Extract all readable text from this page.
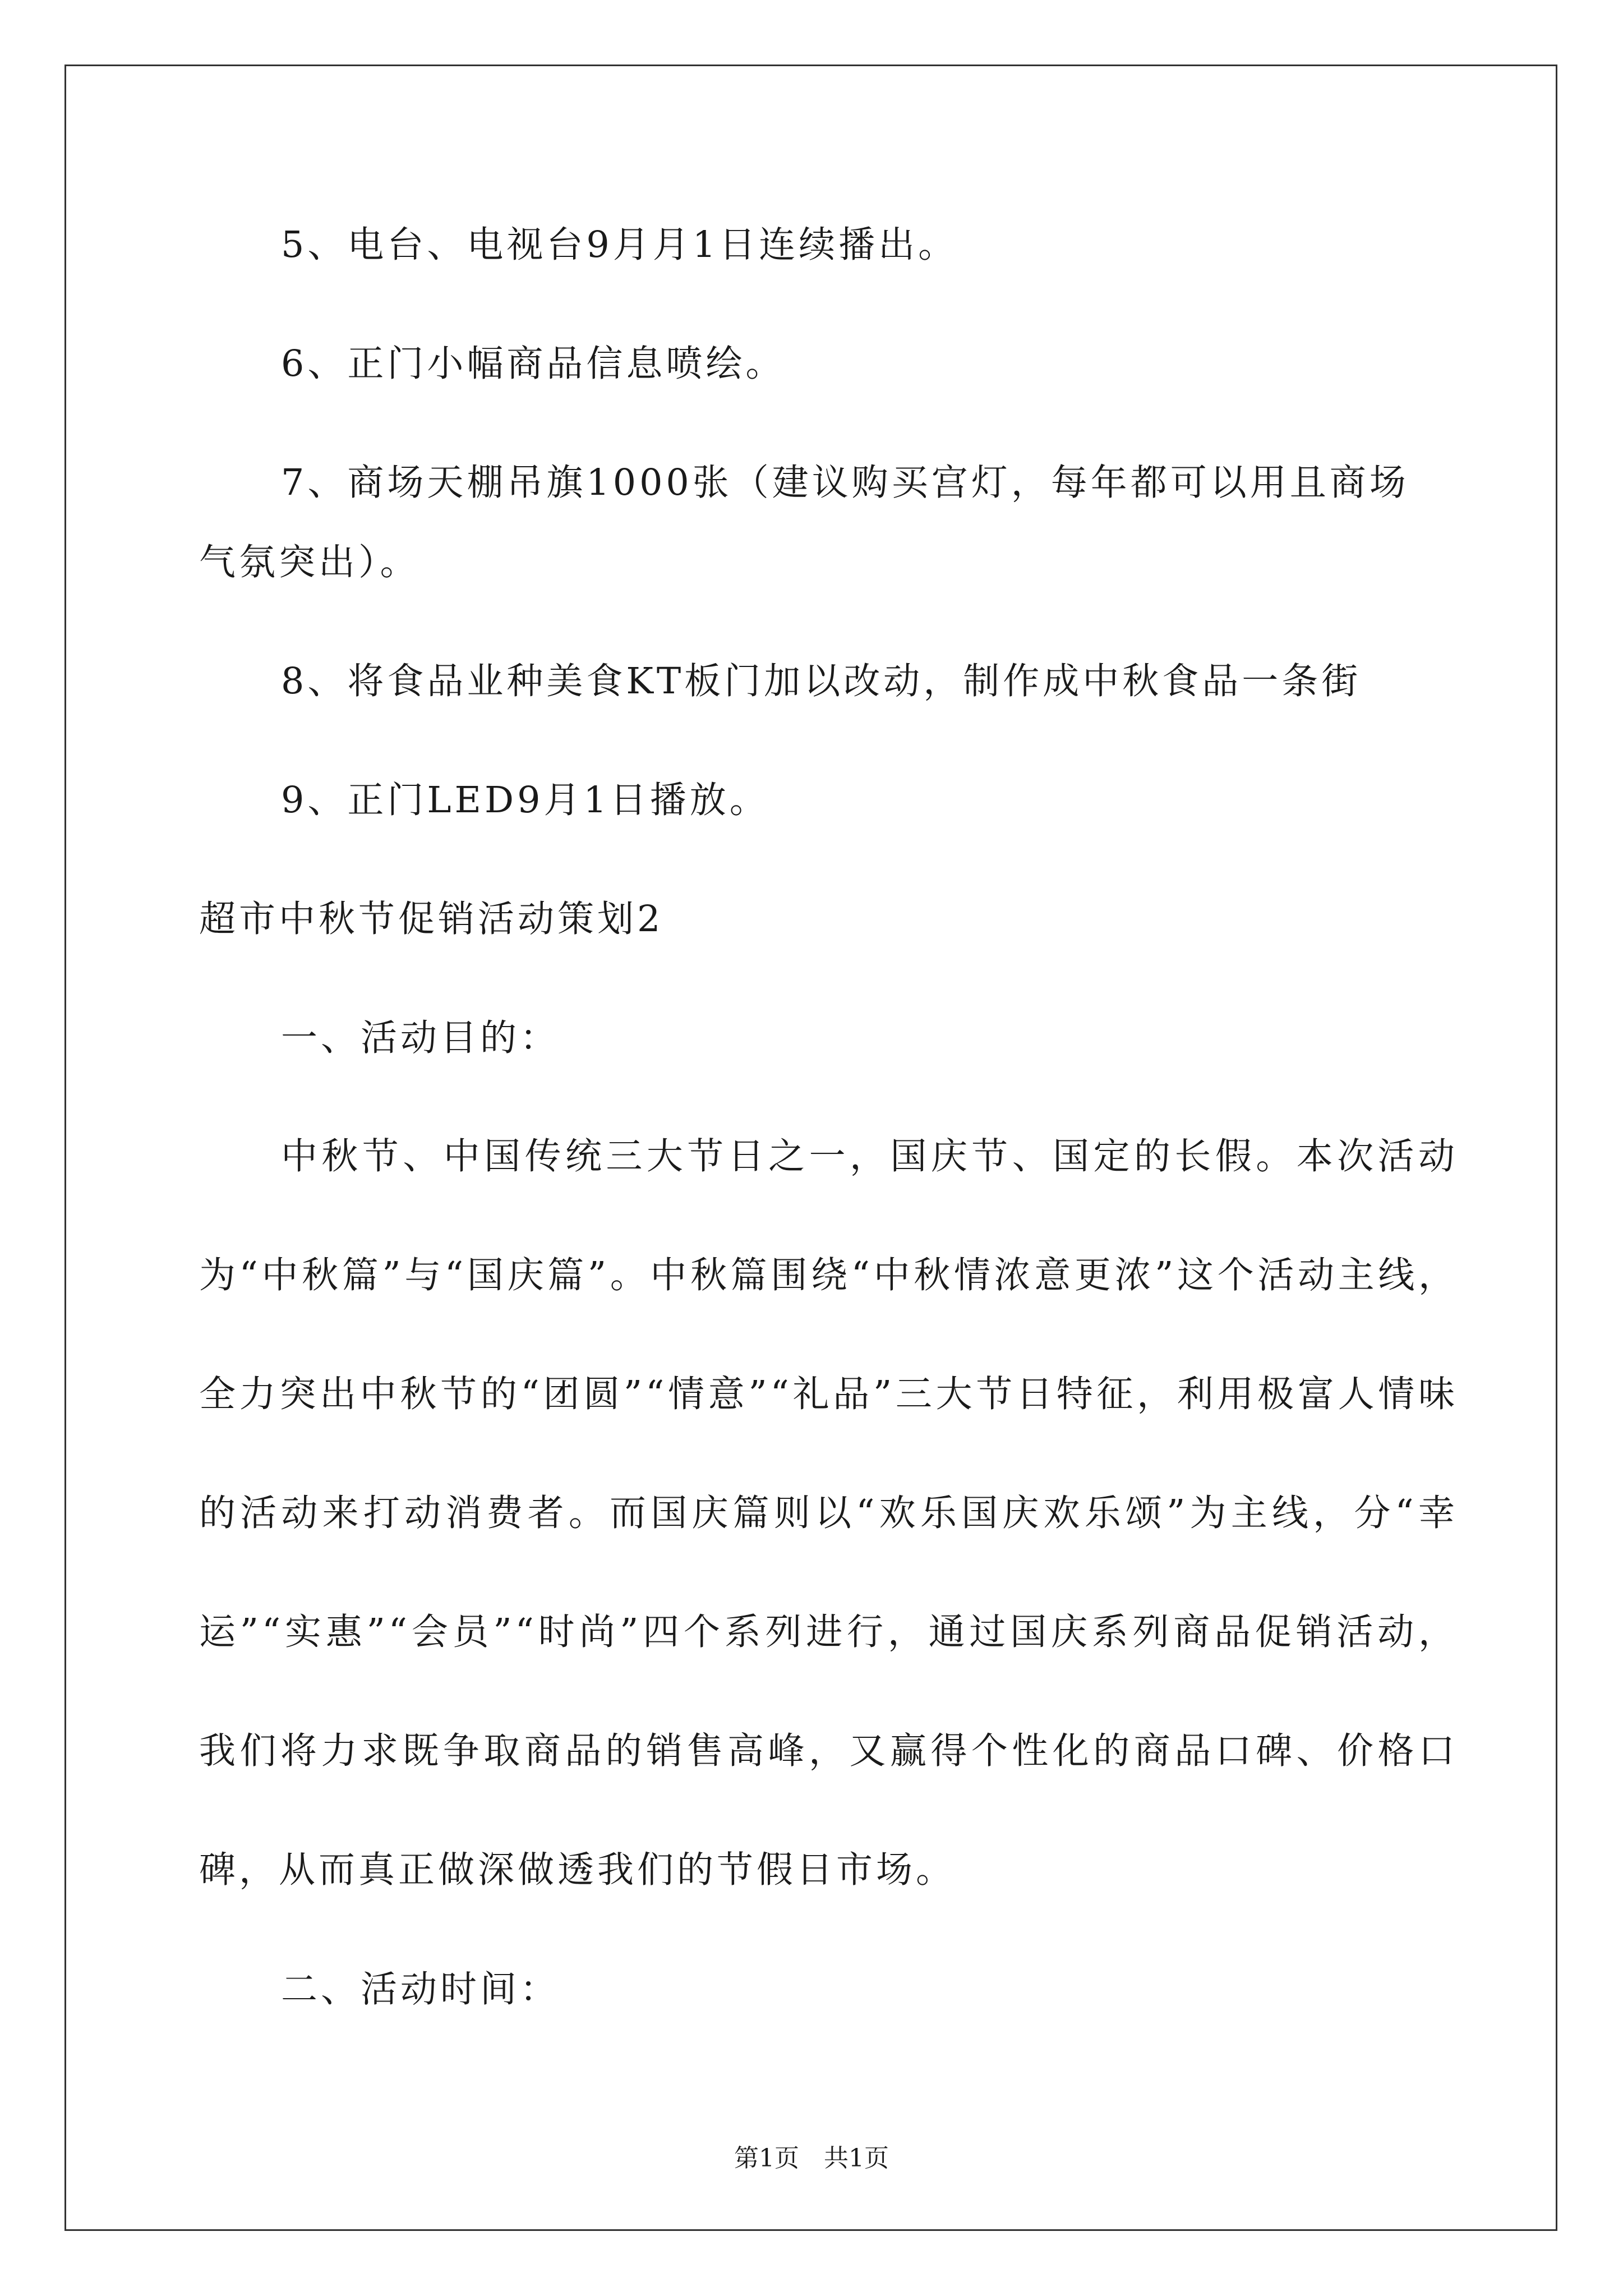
5、电台、电视台9月月1日连续播出。

6、正门小幅商品信息喷绘。

7、商场天棚吊旗1000张（建议购买宫灯，每年都可以用且商场

气氛突出）。

8、将食品业种美食KT板门加以改动，制作成中秋食品一条街

9、正门LED9月1日播放。

超市中秋节促销活动策划2

一、活动目的：

中秋节、中国传统三大节日之一，国庆节、国定的长假。本次活动为“中秋篇”与“国庆篇”。中秋篇围绕“中秋情浓意更浓”这个活动主线，全力突出中秋节的“团圆”“情意”“礼品”三大节日特征，利用极富人情味的活动来打动消费者。而国庆篇则以“欢乐国庆欢乐颂”为主线，分“幸运”“实惠”“会员”“时尚”四个系列进行，通过国庆系列商品促销活动，我们将力求既争取商品的销售高峰，又赢得个性化的商品口碑、价格口碑，从而真正做深做透我们的节假日市场。

二、活动时间：

第1页　共1页
